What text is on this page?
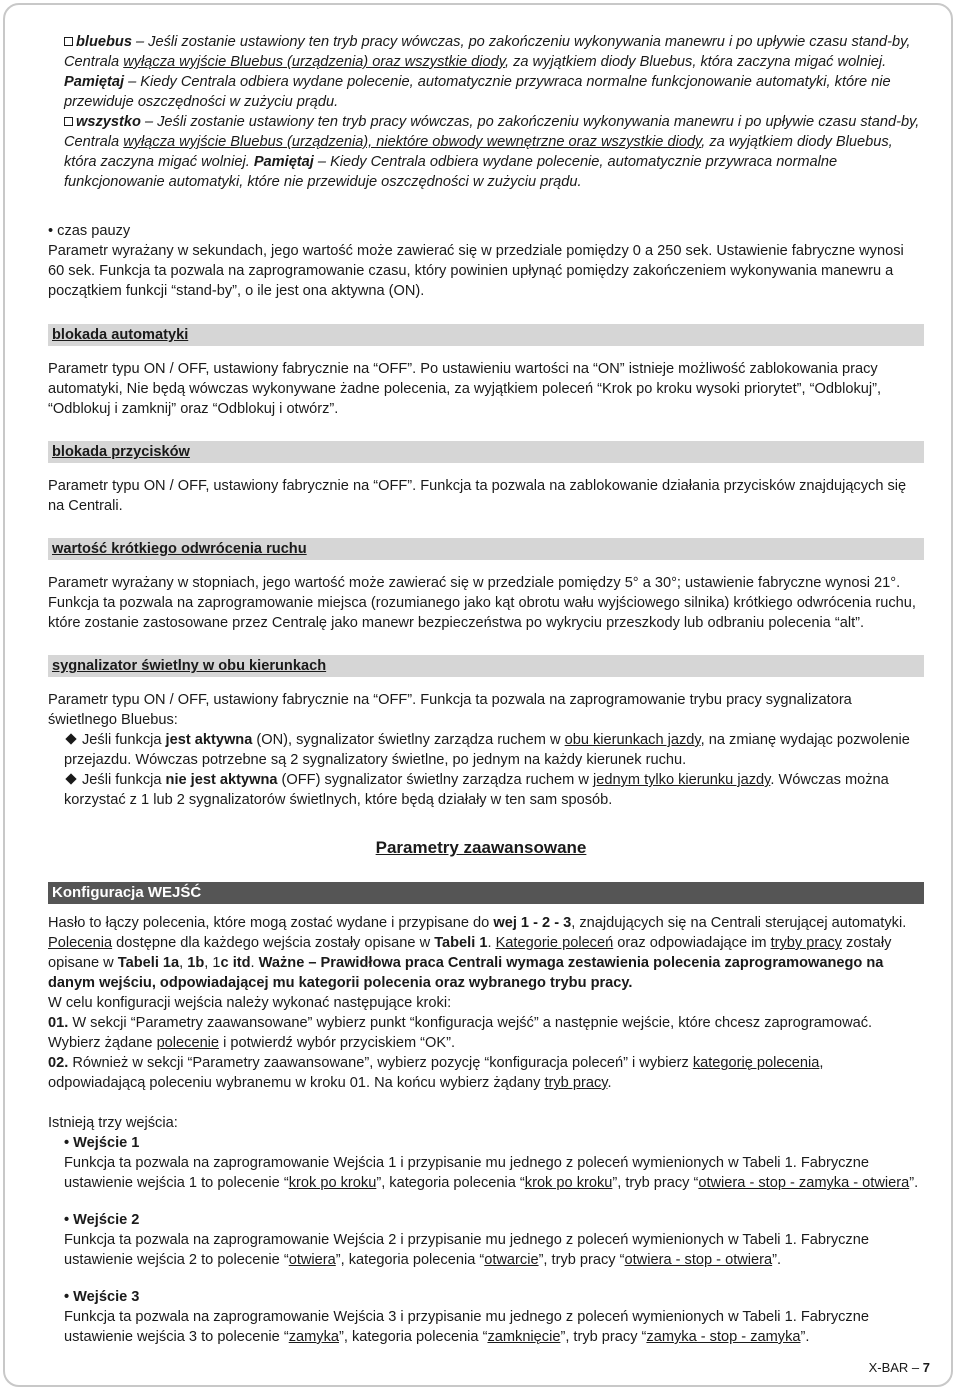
bluebus – Jeśli zostanie ustawiony ten tryb pracy wówczas, po zakończeniu wykonywania manewru i po upływie czasu stand-by, Centrala wyłącza wyjście Bluebus (urządzenia) oraz wszystkie diody, za wyjątkiem diody Bluebus, która zaczyna migać wolniej. Pamiętaj – Kiedy Centrala odbiera wydane polecenie, automatycznie przywraca normalne funkcjonowanie automatyki, które nie przewiduje oszczędności w zużyciu prądu.

wszystko – Jeśli zostanie ustawiony ten tryb pracy wówczas, po zakończeniu wykonywania manewru i po upływie czasu stand-by, Centrala wyłącza wyjście Bluebus (urządzenia), niektóre obwody wewnętrzne oraz wszystkie diody, za wyjątkiem diody Bluebus, która zaczyna migać wolniej. Pamiętaj – Kiedy Centrala odbiera wydane polecenie, automatycznie przywraca normalne funkcjonowanie automatyki, które nie przewiduje oszczędności w zużyciu prądu.

• czas pauzy

Parametr wyrażany w sekundach, jego wartość może zawierać się w przedziale pomiędzy 0 a 250 sek. Ustawienie fabryczne wynosi 60 sek. Funkcja ta pozwala na zaprogramowanie czasu, który powinien upłynąć pomiędzy zakończeniem wykonywania manewru a początkiem funkcji “stand-by”, o ile jest ona aktywna (ON).

blokada automatyki

Parametr typu ON / OFF, ustawiony fabrycznie na “OFF”. Po ustawieniu wartości na “ON” istnieje możliwość zablokowania pracy automatyki, Nie będą wówczas wykonywane żadne polecenia, za wyjątkiem poleceń “Krok po kroku wysoki priorytet”, “Odblokuj”, “Odblokuj i zamknij” oraz “Odblokuj i otwórz”.

blokada przycisków

Parametr typu ON / OFF, ustawiony fabrycznie na “OFF”. Funkcja ta pozwala na zablokowanie działania przycisków znajdujących się na Centrali.

wartość krótkiego odwrócenia ruchu

Parametr wyrażany w stopniach, jego wartość może zawierać się w przedziale pomiędzy 5° a 30°; ustawienie fabryczne wynosi 21°. Funkcja ta pozwala na zaprogramowanie miejsca (rozumianego jako kąt obrotu wału wyjściowego silnika) krótkiego odwrócenia ruchu, które zostanie zastosowane przez Centralę jako manewr bezpieczeństwa po wykryciu przeszkody lub odbraniu polecenia “alt”.

sygnalizator świetlny w obu kierunkach

Parametr typu ON / OFF, ustawiony fabrycznie na “OFF”. Funkcja ta pozwala na zaprogramowanie trybu pracy sygnalizatora świetlnego Bluebus:

Jeśli funkcja jest aktywna (ON), sygnalizator świetlny zarządza ruchem w obu kierunkach jazdy, na zmianę wydając pozwolenie przejazdu. Wówczas potrzebne są 2 sygnalizatory świetlne, po jednym na każdy kierunek ruchu.

Jeśli funkcja nie jest aktywna (OFF) sygnalizator świetlny zarządza ruchem w jednym tylko kierunku jazdy. Wówczas można korzystać z 1 lub 2 sygnalizatorów świetlnych, które będą działały w ten sam sposób.

Parametry zaawansowane

Konfiguracja WEJŚĆ

Hasło to łączy polecenia, które mogą zostać wydane i przypisane do wej 1 - 2 - 3, znajdujących się na Centrali sterującej automatyki.

Polecenia dostępne dla każdego wejścia zostały opisane w Tabeli 1. Kategorie poleceń oraz odpowiadające im tryby pracy zostały opisane w Tabeli 1a, 1b, 1c itd. Ważne – Prawidłowa praca Centrali wymaga zestawienia polecenia zaprogramowanego na danym wejściu, odpowiadającej mu kategorii polecenia oraz wybranego trybu pracy.

W celu konfiguracji wejścia należy wykonać następujące kroki:

01. W sekcji “Parametry zaawansowane” wybierz punkt “konfiguracja wejść” a następnie wejście, które chcesz zaprogramować. Wybierz żądane polecenie i potwierdź wybór przyciskiem “OK”.

02. Również w sekcji “Parametry zaawansowane”, wybierz pozycję “konfiguracja poleceń” i wybierz kategorię polecenia, odpowiadającą poleceniu wybranemu w kroku 01. Na końcu wybierz żądany tryb pracy.

Istnieją trzy wejścia:

• Wejście 1

Funkcja ta pozwala na zaprogramowanie Wejścia 1 i przypisanie mu jednego z poleceń wymienionych w Tabeli 1. Fabryczne ustawienie wejścia 1 to polecenie “krok po kroku”, kategoria polecenia “krok po kroku”, tryb pracy “otwiera - stop - zamyka - otwiera”.

• Wejście 2

Funkcja ta pozwala na zaprogramowanie Wejścia 2 i przypisanie mu jednego z poleceń wymienionych w Tabeli 1. Fabryczne ustawienie wejścia 2 to polecenie “otwiera”, kategoria polecenia “otwarcie”, tryb pracy “otwiera - stop - otwiera”.

• Wejście 3

Funkcja ta pozwala na zaprogramowanie Wejścia 3 i przypisanie mu jednego z poleceń wymienionych w Tabeli 1. Fabryczne ustawienie wejścia 3 to polecenie “zamyka”, kategoria polecenia “zamknięcie”, tryb pracy “zamyka - stop - zamyka”.

X-BAR – 7
